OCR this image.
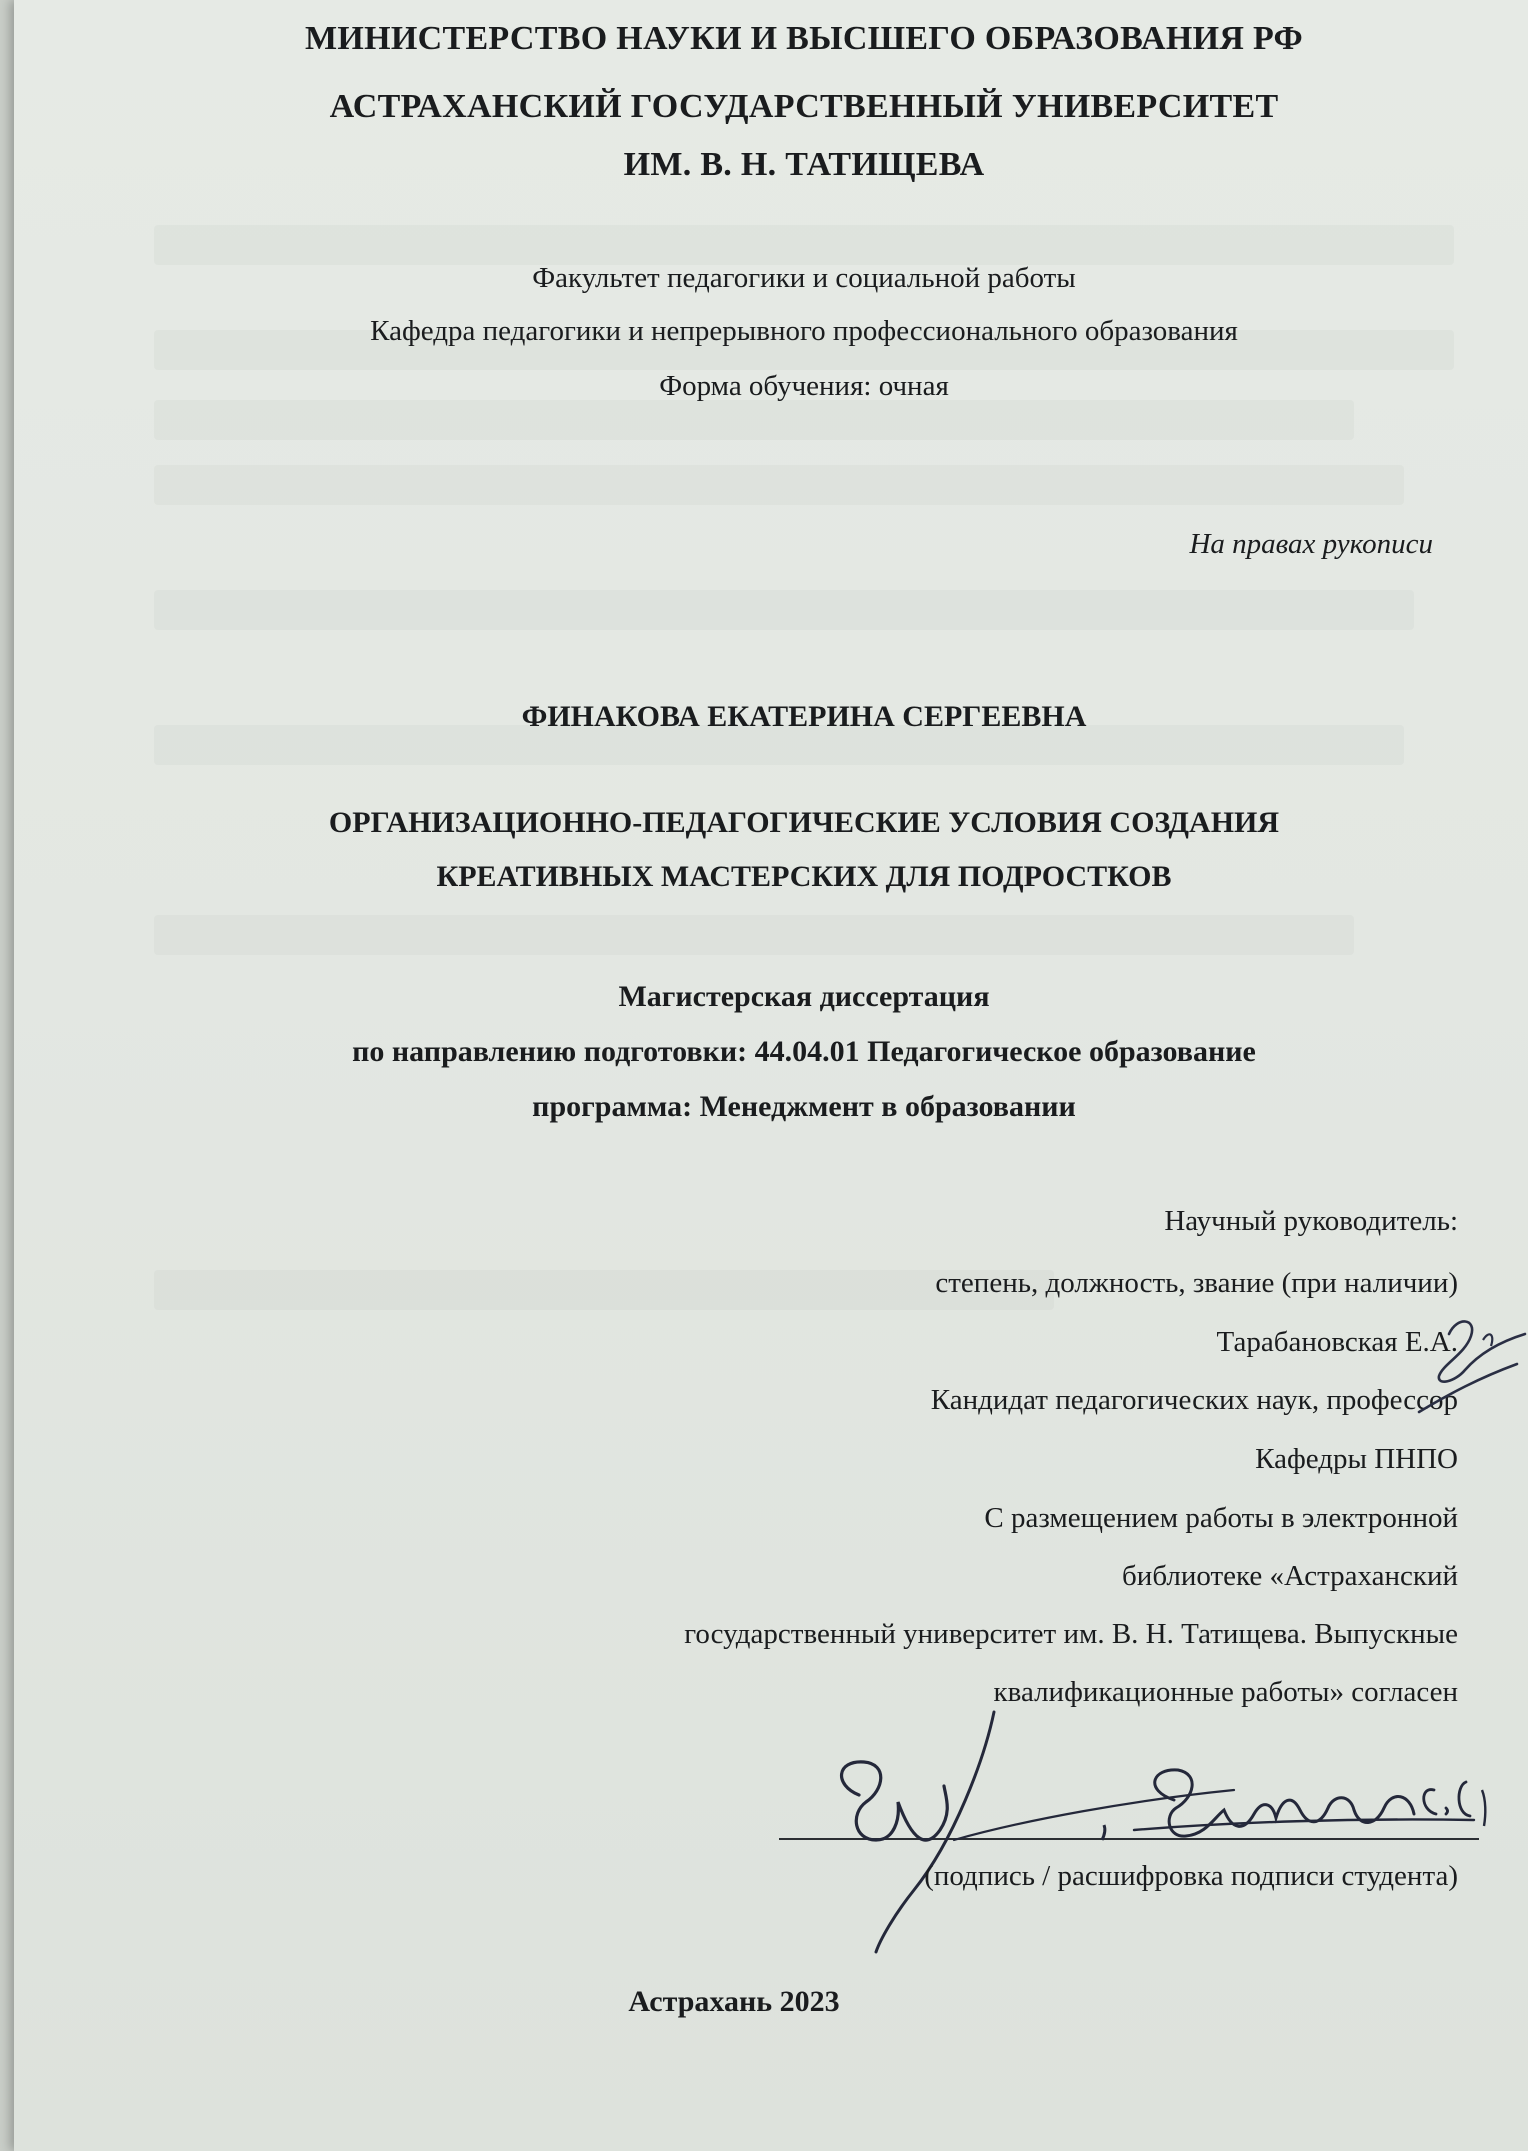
МИНИСТЕРСТВО НАУКИ И ВЫСШЕГО ОБРАЗОВАНИЯ РФ
АСТРАХАНСКИЙ ГОСУДАРСТВЕННЫЙ УНИВЕРСИТЕТ
ИМ. В. Н. ТАТИЩЕВА
Факультет педагогики и социальной работы
Кафедра педагогики и непрерывного профессионального образования
Форма обучения: очная
На правах рукописи
ФИНАКОВА ЕКАТЕРИНА СЕРГЕЕВНА
ОРГАНИЗАЦИОННО-ПЕДАГОГИЧЕСКИЕ УСЛОВИЯ СОЗДАНИЯ
КРЕАТИВНЫХ МАСТЕРСКИХ ДЛЯ ПОДРОСТКОВ
Магистерская диссертация
по направлению подготовки: 44.04.01 Педагогическое образование
программа: Менеджмент в образовании
Научный руководитель:
степень, должность, звание (при наличии)
Тарабановская Е.А.
Кандидат педагогических наук, профессор
Кафедры ПНПО
С размещением работы в электронной
библиотеке «Астраханский
государственный университет им. В. Н. Татищева. Выпускные
квалификационные работы» согласен
(подпись / расшифровка подписи студента)
Астрахань 2023
